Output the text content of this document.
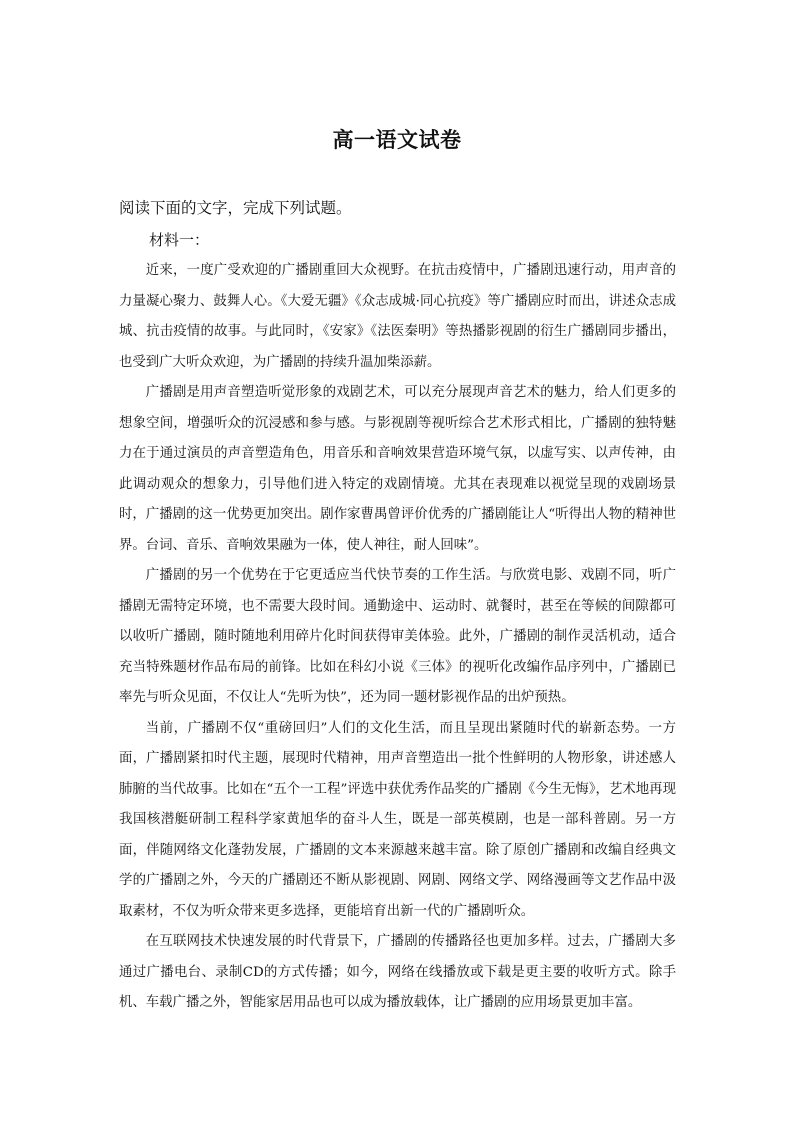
高一语文试卷
阅读下面的文字，完成下列试题。
材料一：

近来，一度广受欢迎的广播剧重回大众视野。在抗击疫情中，广播剧迅速行动，用声音的力量凝心聚力、鼓舞人心。《大爱无疆》《众志成城·同心抗疫》等广播剧应时而出，讲述众志成城、抗击疫情的故事。与此同时，《安家》《法医秦明》等热播影视剧的衍生广播剧同步播出，也受到广大听众欢迎，为广播剧的持续升温加柴添薪。

广播剧是用声音塑造听觉形象的戏剧艺术，可以充分展现声音艺术的魅力，给人们更多的想象空间，增强听众的沉浸感和参与感。与影视剧等视听综合艺术形式相比，广播剧的独特魅力在于通过演员的声音塑造角色，用音乐和音响效果营造环境气氛，以虚写实、以声传神，由此调动观众的想象力，引导他们进入特定的戏剧情境。尤其在表现难以视觉呈现的戏剧场景时，广播剧的这一优势更加突出。剧作家曹禺曾评价优秀的广播剧能让人“听得出人物的精神世界。台词、音乐、音响效果融为一体，使人神往，耐人回味”。

广播剧的另一个优势在于它更适应当代快节奏的工作生活。与欣赏电影、戏剧不同，听广播剧无需特定环境，也不需要大段时间。通勤途中、运动时、就餐时，甚至在等候的间隙都可以收听广播剧，随时随地利用碎片化时间获得审美体验。此外，广播剧的制作灵活机动，适合充当特殊题材作品布局的前锋。比如在科幻小说《三体》的视听化改编作品序列中，广播剧已率先与听众见面，不仅让人“先听为快”，还为同一题材影视作品的出炉预热。

当前，广播剧不仅“重磅回归”人们的文化生活，而且呈现出紧随时代的崭新态势。一方面，广播剧紧扣时代主题，展现时代精神，用声音塑造出一批个性鲜明的人物形象，讲述感人肺腑的当代故事。比如在“五个一工程”评选中获优秀作品奖的广播剧《今生无悔》，艺术地再现我国核潜艇研制工程科学家黄旭华的奋斗人生，既是一部英模剧，也是一部科普剧。另一方面，伴随网络文化蓬勃发展，广播剧的文本来源越来越丰富。除了原创广播剧和改编自经典文学的广播剧之外，今天的广播剧还不断从影视剧、网剧、网络文学、网络漫画等文艺作品中汲取素材，不仅为听众带来更多选择，更能培育出新一代的广播剧听众。

在互联网技术快速发展的时代背景下，广播剧的传播路径也更加多样。过去，广播剧大多通过广播电台、录制CD的方式传播；如今，网络在线播放或下载是更主要的收听方式。除手机、车载广播之外，智能家居用品也可以成为播放载体，让广播剧的应用场景更加丰富。
